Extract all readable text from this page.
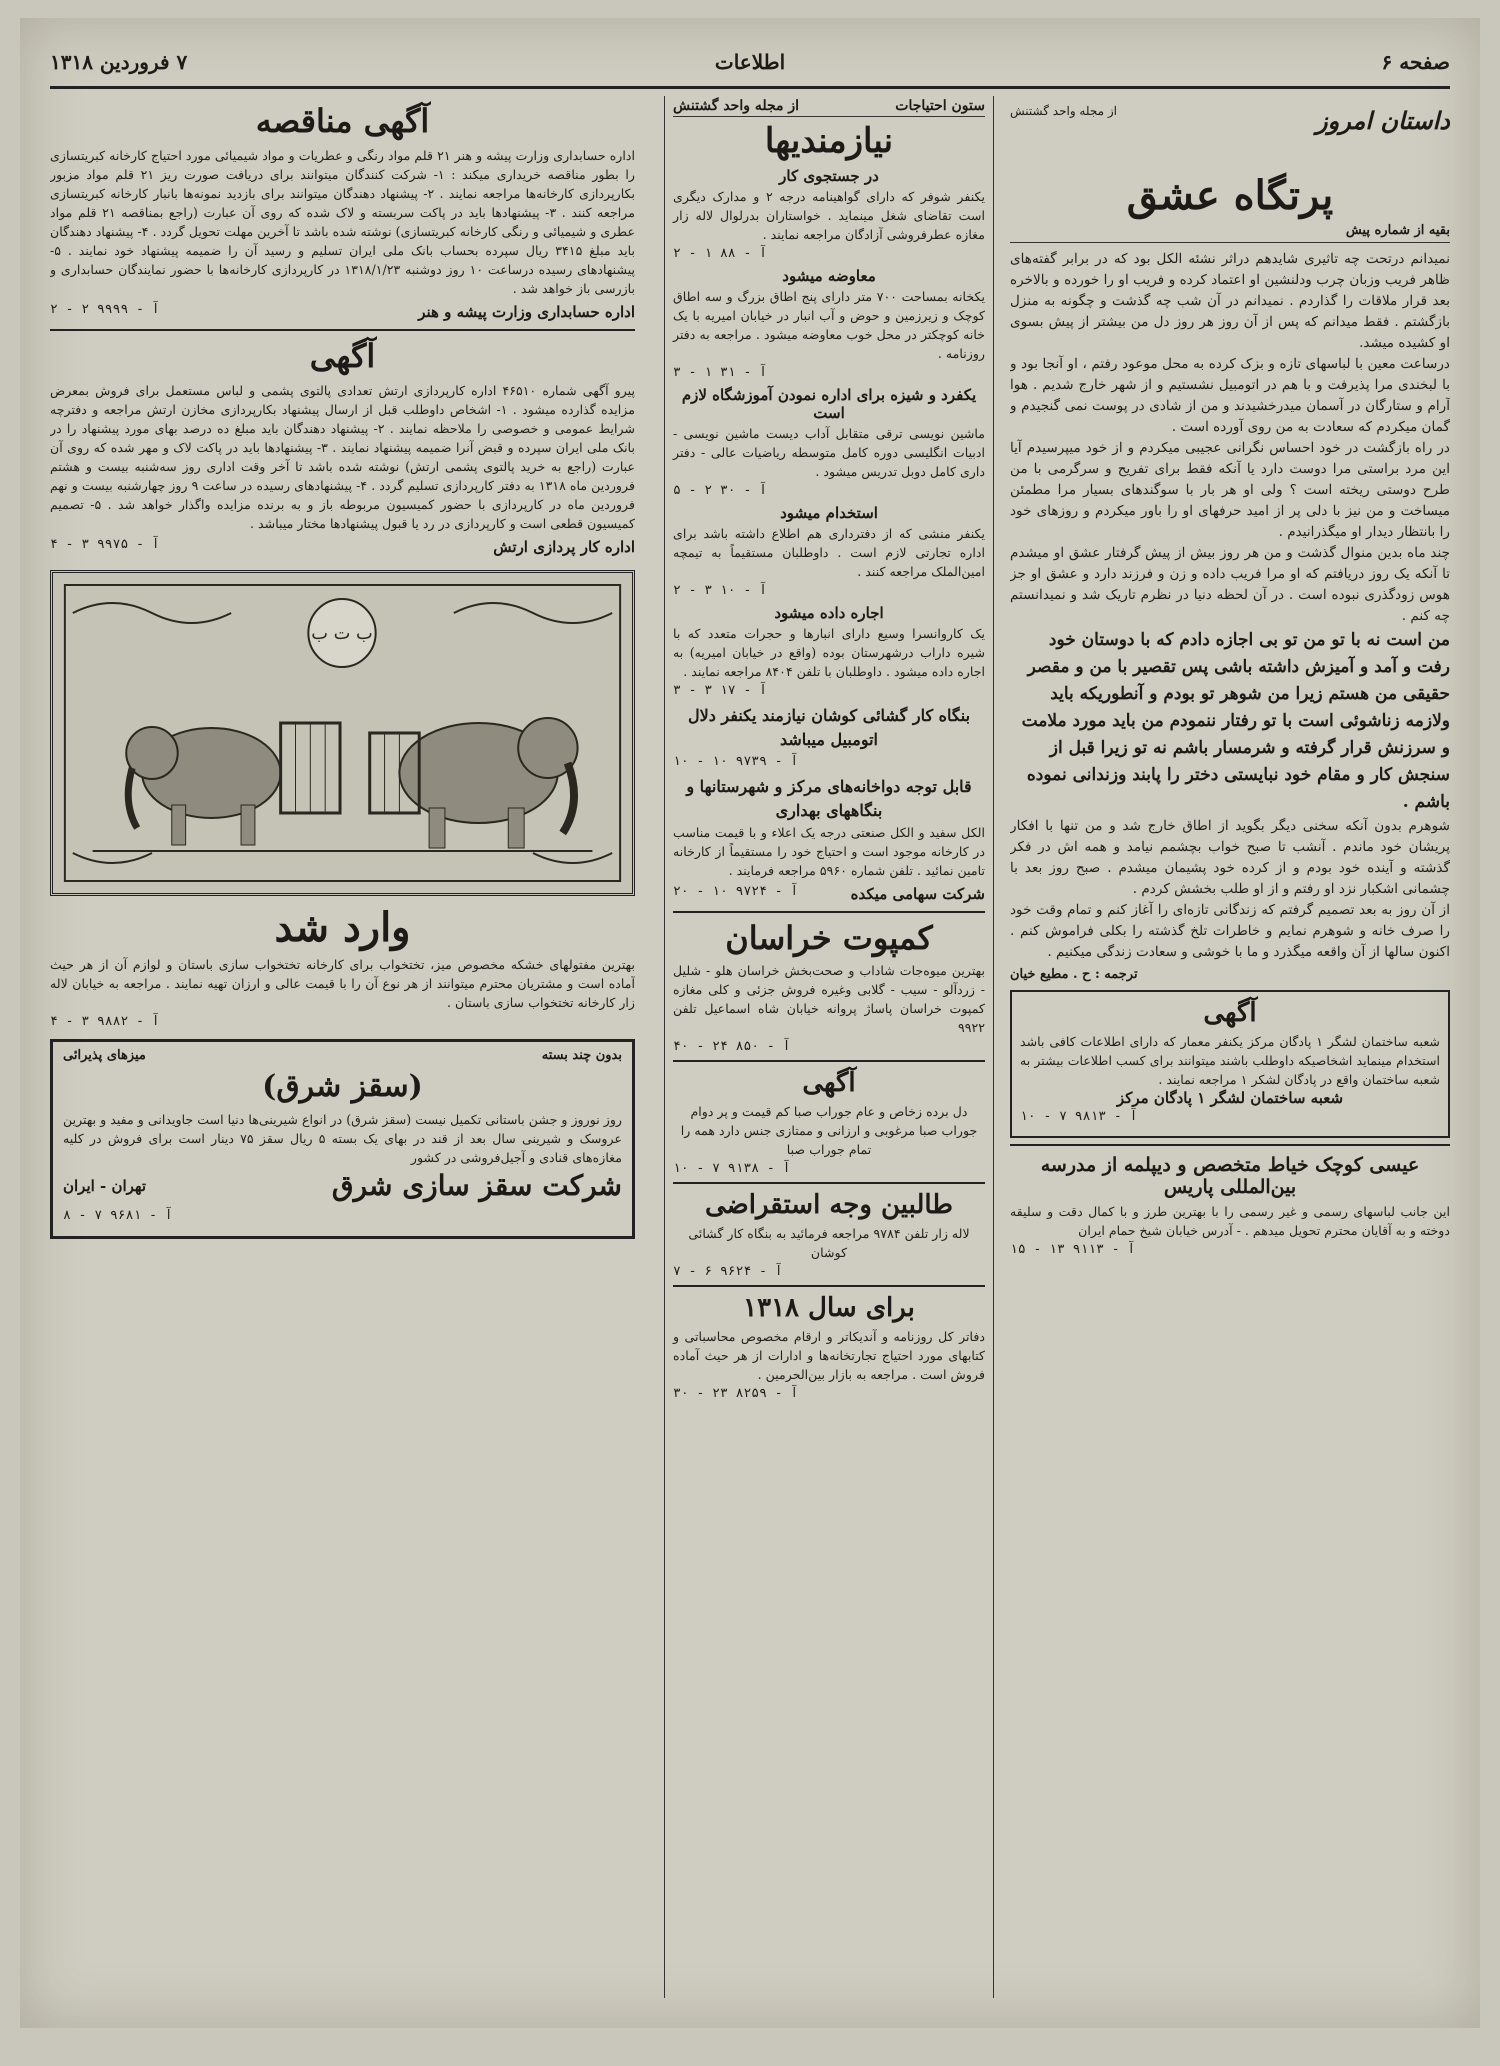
صفحه ۶
اطلاعات
۷ فروردین ۱۳۱۸
داستان امروز
از مجله واحد گشتنش
پرتگاه عشق
بقیه از شماره پیش
نمیدانم درتحت چه تاثیری شایدهم دراثر نشئه الکل بود که در برابر گفته‌های ظاهر فریب وزبان چرب ودلنشین او اعتماد کرده و فریب او را خورده و بالاخره بعد قرار ملاقات را گذاردم . نمیدانم در آن شب چه گذشت و چگونه به منزل بازگشتم . فقط میدانم که پس از آن روز هر روز دل من بیشتر از پیش بسوی او کشیده میشد.
درساعت معین با لباسهای تازه و بزک کرده به محل موعود رفتم ، او آنجا بود و با لبخندی مرا پذیرفت و با هم در اتومبیل نشستیم و از شهر خارج شدیم . هوا آرام و ستارگان در آسمان میدرخشیدند و من از شادی در پوست نمی گنجیدم و گمان میکردم که سعادت به من روی آورده است .
در راه بازگشت در خود احساس نگرانی عجیبی میکردم و از خود میپرسیدم آیا این مرد براستی مرا دوست دارد یا آنکه فقط برای تفریح و سرگرمی با من طرح دوستی ریخته است ؟ ولی او هر بار با سوگندهای بسیار مرا مطمئن میساخت و من نیز با دلی پر از امید حرفهای او را باور میکردم و روزهای خود را بانتظار دیدار او میگذرانیدم .
چند ماه بدین منوال گذشت و من هر روز بیش از پیش گرفتار عشق او میشدم تا آنکه یک روز دریافتم که او مرا فریب داده و زن و فرزند دارد و عشق او جز هوس زودگذری نبوده است . در آن لحظه دنیا در نظرم تاریک شد و نمیدانستم چه کنم .
من است نه با تو من تو بی اجازه دادم که با دوستان خود رفت و آمد و آمیزش داشته باشی پس تقصیر با من و مقصر حقیقی من هستم زیرا من شوهر تو بودم و آنطوریکه باید ولازمه زناشوئی است با تو رفتار ننمودم من باید مورد ملامت و سرزنش قرار گرفته و شرمسار باشم نه تو زیرا قبل از سنجش کار و مقام خود نبایستی دختر را پابند وزندانی نموده باشم .
شوهرم بدون آنکه سخنی دیگر بگوید از اطاق خارج شد و من تنها با افکار پریشان خود ماندم . آنشب تا صبح خواب بچشمم نیامد و همه اش در فکر گذشته و آینده خود بودم و از کرده خود پشیمان میشدم . صبح روز بعد با چشمانی اشکبار نزد او رفتم و از او طلب بخشش کردم .
از آن روز به بعد تصمیم گرفتم که زندگانی تازه‌ای را آغاز کنم و تمام وقت خود را صرف خانه و شوهرم نمایم و خاطرات تلخ گذشته را بکلی فراموش کنم . اکنون سالها از آن واقعه میگذرد و ما با خوشی و سعادت زندگی میکنیم .
ترجمه : ح . مطیع خیان
آگهی
شعبه ساختمان لشگر ۱ پادگان مرکز یکنفر معمار که دارای اطلاعات کافی باشد استخدام مینماید اشخاصیکه داوطلب باشند میتوانند برای کسب اطلاعات بیشتر به شعبه ساختمان واقع در پادگان لشکر ۱ مراجعه نمایند .
شعبه ساختمان لشگر ۱ پادگان مرکز
آ - ۹۸۱۳ ۷ - ۱۰
عیسی کوچک خیاط متخصص و دیپلمه از مدرسه بین‌المللی پاریس
این جانب لباسهای رسمی و غیر رسمی را با بهترین طرز و با کمال دقت و سلیقه دوخته و به آقایان محترم تحویل میدهم . - آدرس خیابان شیخ حمام ایران
آ - ۹۱۱۳ ۱۳ - ۱۵
ستون احتیاجات
از مجله واحد گشتنش
نیازمندیها
در جستجوی کار
یکنفر شوفر که دارای گواهینامه درجه ۲ و مدارک دیگری است تقاضای شغل مینماید . خواستاران بدرلوال لاله زار مغازه عطرفروشی آزادگان مراجعه نمایند .
آ - ۸۸ ۱ - ۲
معاوضه میشود
یکخانه بمساحت ۷۰۰ متر دارای پنج اطاق بزرگ و سه اطاق کوچک و زیرزمین و حوض و آب انبار در خیابان امیریه با یک خانه کوچکتر در محل خوب معاوضه میشود . مراجعه به دفتر روزنامه .
آ - ۳۱ ۱ - ۳
یکفرد و شیزه برای اداره نمودن آموزشگاه لازم است
ماشین نویسی ترقی متقابل آداب دیست ماشین نویسی - ادبیات انگلیسی دوره کامل متوسطه ریاضیات عالی - دفتر داری کامل دوبل تدریس میشود .
آ - ۳۰ ۲ - ۵
استخدام میشود
یکنفر منشی که از دفترداری هم اطلاع داشته باشد برای اداره تجارتی لازم است . داوطلبان مستقیماً به تیمچه امین‌الملک مراجعه کنند .
آ - ۱۰ ۳ - ۲
اجاره داده میشود
یک کاروانسرا وسیع دارای انبارها و حجرات متعدد که با شیره داراب درشهرستان بوده (واقع در خیابان امیریه) به اجاره داده میشود . داوطلبان با تلفن ۸۴۰۴ مراجعه نمایند .
آ - ۱۷ ۳ - ۳
بنگاه کار گشائی کوشان نیازمند یکنفر دلال اتومبیل میباشد
آ - ۹۷۳۹ ۱۰ - ۱۰
قابل توجه دواخانه‌های مرکز و شهرستانها و بنگاههای بهداری
الکل سفید و الکل صنعتی درجه یک اعلاء و با قیمت مناسب در کارخانه موجود است و احتیاج خود را مستقیماً از کارخانه تامین نمائید . تلفن شماره ۵۹۶۰ مراجعه فرمایند .
شرکت سهامی میکده
آ - ۹۷۲۴ ۱۰ - ۲۰
کمپوت خراسان
بهترین میوه‌جات شاداب و صحت‌بخش خراسان هلو - شلیل - زردآلو - سیب - گلابی وغیره فروش جزئی و کلی مغازه کمپوت خراسان پاساژ پروانه خیابان شاه اسماعیل تلفن ۹۹۲۲
آ - ۸۵۰ ۲۴ - ۴۰
آگهی
دل برده زخاص و عام جوراب صبا کم قیمت و پر دوام جوراب صبا مرغوبی و ارزانی و ممتازی جنس دارد همه را تمام جوراب صبا
آ - ۹۱۳۸ ۷ - ۱۰
طالبین وجه استقراضی
لاله زار تلفن ۹۷۸۴ مراجعه فرمائید به بنگاه کار گشائی کوشان
آ - ۹۶۲۴ ۶ - ۷
برای سال ۱۳۱۸
دفاتر کل روزنامه و آندیکاتر و ارقام مخصوص محاسباتی و کتابهای مورد احتیاج تجارتخانه‌ها و ادارات از هر حیث آماده فروش است . مراجعه به بازار بین‌الحرمین .
آ - ۸۲۵۹ ۲۳ - ۳۰
آگهی مناقصه
اداره حسابداری وزارت پیشه و هنر ۲۱ قلم مواد رنگی و عطریات و مواد شیمیائی مورد احتیاج کارخانه کبریتسازی را بطور مناقصه خریداری میکند : ۱- شرکت کنندگان میتوانند برای دریافت صورت ریز ۲۱ قلم مواد مزبور بکارپردازی کارخانه‌ها مراجعه نمایند . ۲- پیشنهاد دهندگان میتوانند برای بازدید نمونه‌ها بانبار کارخانه کبریتسازی مراجعه کنند . ۳- پیشنهادها باید در پاکت سربسته و لاک شده که روی آن عبارت (راجع بمناقصه ۲۱ قلم مواد عطری و شیمیائی و رنگی کارخانه کبریتسازی) نوشته شده باشد تا آخرین مهلت تحویل گردد . ۴- پیشنهاد دهندگان باید مبلغ ۳۴۱۵ ریال سپرده بحساب بانک ملی ایران تسلیم و رسید آن را ضمیمه پیشنهاد خود نمایند . ۵- پیشنهادهای رسیده درساعت ۱۰ روز دوشنبه ۱۳۱۸/۱/۲۳ در کارپردازی کارخانه‌ها با حضور نمایندگان حسابداری و بازرسی باز خواهد شد .
اداره حسابداری وزارت پیشه و هنر
آ - ۹۹۹۹ ۲ - ۲
آگهی
پیرو آگهی شماره ۴۶۵۱۰ اداره کارپردازی ارتش تعدادی پالتوی پشمی و لباس مستعمل برای فروش بمعرض مزایده گذارده میشود . ۱- اشخاص داوطلب قبل از ارسال پیشنهاد بکارپردازی مخازن ارتش مراجعه و دفترچه شرایط عمومی و خصوصی را ملاحظه نمایند . ۲- پیشنهاد دهندگان باید مبلغ ده درصد بهای مورد پیشنهاد را در بانک ملی ایران سپرده و قبض آنرا ضمیمه پیشنهاد نمایند . ۳- پیشنهادها باید در پاکت لاک و مهر شده که روی آن عبارت (راجع به خرید پالتوی پشمی ارتش) نوشته شده باشد تا آخر وقت اداری روز سه‌شنبه بیست و هشتم فروردین ماه ۱۳۱۸ به دفتر کارپردازی تسلیم گردد . ۴- پیشنهادهای رسیده در ساعت ۹ روز چهارشنبه بیست و نهم فروردین ماه در کارپردازی با حضور کمیسیون مربوطه باز و به برنده مزایده واگذار خواهد شد . ۵- تصمیم کمیسیون قطعی است و کارپردازی در رد یا قبول پیشنهادها مختار میباشد .
اداره کار پردازی ارتش
آ - ۹۹۷۵ ۳ - ۴
ب ت ب
وارد شد
بهترین مفتولهای خشکه مخصوص میز، تختخواب برای کارخانه تختخواب سازی باستان و لوازم آن از هر حیث آماده است و مشتریان محترم میتوانند از هر نوع آن را با قیمت عالی و ارزان تهیه نمایند . مراجعه به خیابان لاله زار کارخانه تختخواب سازی باستان .
آ - ۹۸۸۲ ۳ - ۴
بدون چند بسته
میزهای پذیرائی
(سقز شرق)
روز نوروز و جشن باستانی تکمیل نیست (سقز شرق) در انواع شیرینی‌ها دنیا است جاویدانی و مفید و بهترین عروسک و شیرینی سال بعد از قند در بهای یک بسته ۵ ریال سقز ۷۵ دینار است برای فروش در کلیه مغازه‌های قنادی و آجیل‌فروشی در کشور
شرکت سقز سازی شرق
تهران - ایران
آ - ۹۶۸۱ ۷ - ۸
